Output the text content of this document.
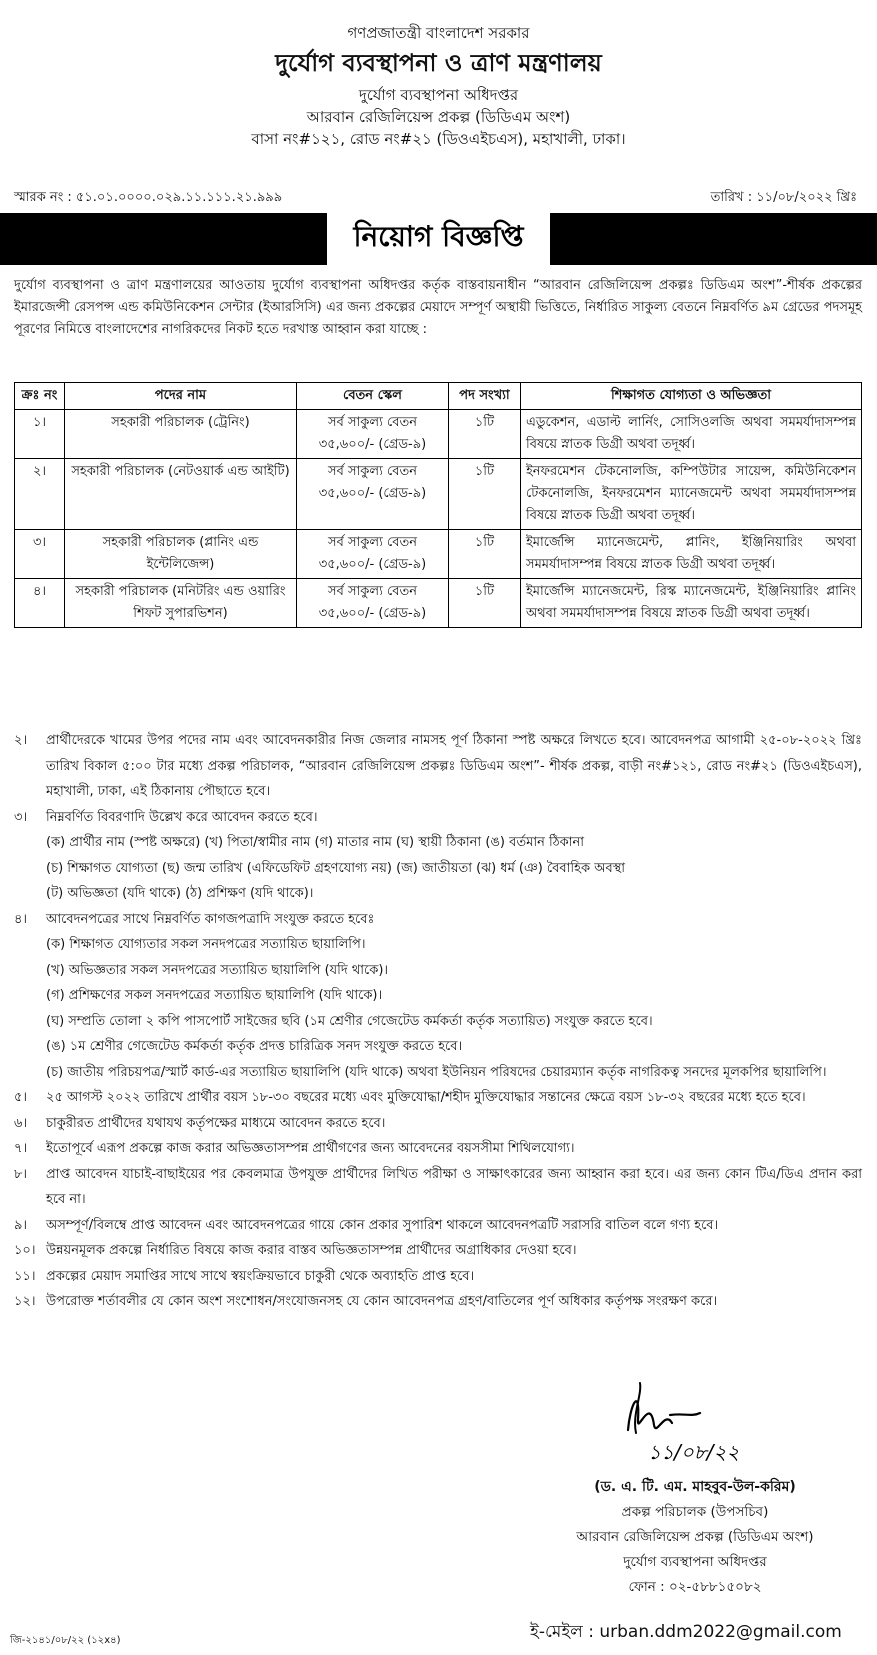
গণপ্রজাতন্ত্রী বাংলাদেশ সরকার
দুর্যোগ ব্যবস্থাপনা ও ত্রাণ মন্ত্রণালয়
দুর্যোগ ব্যবস্থাপনা অধিদপ্তর
আরবান রেজিলিয়েন্স প্রকল্প (ডিডিএম অংশ)
বাসা নং#১২১, রোড নং#২১ (ডিওএইচএস), মহাখালী, ঢাকা।
স্মারক নং : ৫১.০১.০০০০.০২৯.১১.১১১.২১.৯৯৯	তারিখ : ১১/০৮/২০২২ খ্রিঃ
নিয়োগ বিজ্ঞপ্তি
দুর্যোগ ব্যবস্থাপনা ও ত্রাণ মন্ত্রণালয়ের আওতায় দুর্যোগ ব্যবস্থাপনা অধিদপ্তর কর্তৃক বাস্তবায়নাধীন “আরবান রেজিলিয়েন্স প্রকল্পঃ ডিডিএম অংশ”-শীর্ষক প্রকল্পের ইমারজেন্সী রেসপন্স এন্ড কমিউনিকেশন সেন্টার (ইআরসিসি) এর জন্য প্রকল্পের মেয়াদে সম্পূর্ণ অস্থায়ী ভিত্তিতে, নির্ধারিত সাকুল্য বেতনে নিম্নবর্ণিত ৯ম গ্রেডের পদসমূহ পূরণের নিমিত্তে বাংলাদেশের নাগরিকদের নিকট হতে দরখাস্ত আহ্বান করা যাচ্ছে :
ক্রঃ নং	পদের নাম	বেতন স্কেল	পদ সংখ্যা	শিক্ষাগত যোগ্যতা ও অভিজ্ঞতা
১।	সহকারী পরিচালক (ট্রেনিং)	সর্ব সাকুল্য বেতন ৩৫,৬০০/- (গ্রেড-৯)	১টি	এডুকেশন, এডাল্ট লার্নিং, সোসিওলজি অথবা সমমর্যাদাসম্পন্ন বিষয়ে স্নাতক ডিগ্রী অথবা তদূর্ধ্ব।
২।	সহকারী পরিচালক (নেটওয়ার্ক এন্ড আইটি)	সর্ব সাকুল্য বেতন ৩৫,৬০০/- (গ্রেড-৯)	১টি	ইনফরমেশন টেকনোলজি, কম্পিউটার সায়েন্স, কমিউনিকেশন টেকনোলজি, ইনফরমেশন ম্যানেজমেন্ট অথবা সমমর্যাদাসম্পন্ন বিষয়ে স্নাতক ডিগ্রী অথবা তদূর্ধ্ব।
৩।	সহকারী পরিচালক (প্লানিং এন্ড ইন্টেলিজেন্স)	সর্ব সাকুল্য বেতন ৩৫,৬০০/- (গ্রেড-৯)	১টি	ইমার্জেন্সি ম্যানেজমেন্ট, প্লানিং, ইঞ্জিনিয়ারিং অথবা সমমর্যাদাসম্পন্ন বিষয়ে স্নাতক ডিগ্রী অথবা তদূর্ধ্ব।
৪।	সহকারী পরিচালক (মনিটরিং এন্ড ওয়ারিং শিফট সুপারভিশন)	সর্ব সাকুল্য বেতন ৩৫,৬০০/- (গ্রেড-৯)	১টি	ইমার্জেন্সি ম্যানেজমেন্ট, রিস্ক ম্যানেজমেন্ট, ইঞ্জিনিয়ারিং প্লানিং অথবা সমমর্যাদাসম্পন্ন বিষয়ে স্নাতক ডিগ্রী অথবা তদূর্ধ্ব।
২।	প্রার্থীদেরকে খামের উপর পদের নাম এবং আবেদনকারীর নিজ জেলার নামসহ পূর্ণ ঠিকানা স্পষ্ট অক্ষরে লিখতে হবে। আবেদনপত্র আগামী ২৫-০৮-২০২২ খ্রিঃ তারিখ বিকাল ৫:০০ টার মধ্যে প্রকল্প পরিচালক, “আরবান রেজিলিয়েন্স প্রকল্পঃ ডিডিএম অংশ”- শীর্ষক প্রকল্প, বাড়ী নং#১২১, রোড নং#২১ (ডিওএইচএস), মহাখালী, ঢাকা, এই ঠিকানায় পৌছাতে হবে।
৩।	নিম্নবর্ণিত বিবরণাদি উল্লেখ করে আবেদন করতে হবে।
(ক) প্রার্থীর নাম (স্পষ্ট অক্ষরে) (খ) পিতা/স্বামীর নাম (গ) মাতার নাম (ঘ) স্থায়ী ঠিকানা (ঙ) বর্তমান ঠিকানা
(চ) শিক্ষাগত যোগ্যতা (ছ) জন্ম তারিখ (এফিডেফিট গ্রহণযোগ্য নয়) (জ) জাতীয়তা (ঝ) ধর্ম (ঞ) বৈবাহিক অবস্থা
(ট) অভিজ্ঞতা (যদি থাকে) (ঠ) প্রশিক্ষণ (যদি থাকে)।
৪।	আবেদনপত্রের সাথে নিম্নবর্ণিত কাগজপত্রাদি সংযুক্ত করতে হবেঃ
(ক) শিক্ষাগত যোগ্যতার সকল সনদপত্রের সত্যায়িত ছায়ালিপি।
(খ) অভিজ্ঞতার সকল সনদপত্রের সত্যায়িত ছায়ালিপি (যদি থাকে)।
(গ) প্রশিক্ষণের সকল সনদপত্রের সত্যায়িত ছায়ালিপি (যদি থাকে)।
(ঘ) সম্প্রতি তোলা ২ কপি পাসপোর্ট সাইজের ছবি (১ম শ্রেণীর গেজেটেড কর্মকর্তা কর্তৃক সত্যায়িত) সংযুক্ত করতে হবে।
(ঙ) ১ম শ্রেণীর গেজেটেড কর্মকর্তা কর্তৃক প্রদত্ত চারিত্রিক সনদ সংযুক্ত করতে হবে।
(চ) জাতীয় পরিচয়পত্র/স্মার্ট কার্ড-এর সত্যায়িত ছায়ালিপি (যদি থাকে) অথবা ইউনিয়ন পরিষদের চেয়ারম্যান কর্তৃক নাগরিকত্ব সনদের মূলকপির ছায়ালিপি।
৫।	২৫ আগস্ট ২০২২ তারিখে প্রার্থীর বয়স ১৮-৩০ বছরের মধ্যে এবং মুক্তিযোদ্ধা/শহীদ মুক্তিযোদ্ধার সন্তানের ক্ষেত্রে বয়স ১৮-৩২ বছরের মধ্যে হতে হবে।
৬।	চাকুরীরত প্রার্থীদের যথাযথ কর্তৃপক্ষের মাধ্যমে আবেদন করতে হবে।
৭।	ইতোপূর্বে এরূপ প্রকল্পে কাজ করার অভিজ্ঞতাসম্পন্ন প্রার্থীগণের জন্য আবেদনের বয়সসীমা শিথিলযোগ্য।
৮।	প্রাপ্ত আবেদন যাচাই-বাছাইয়ের পর কেবলমাত্র উপযুক্ত প্রার্থীদের লিখিত পরীক্ষা ও সাক্ষাৎকারের জন্য আহ্বান করা হবে। এর জন্য কোন টিএ/ডিএ প্রদান করা হবে না।
৯।	অসম্পূর্ণ/বিলম্বে প্রাপ্ত আবেদন এবং আবেদনপত্রের গায়ে কোন প্রকার সুপারিশ থাকলে আবেদনপত্রটি সরাসরি বাতিল বলে গণ্য হবে।
১০। উন্নয়নমূলক প্রকল্পে নির্ধারিত বিষয়ে কাজ করার বাস্তব অভিজ্ঞতাসম্পন্ন প্রার্থীদের অগ্রাধিকার দেওয়া হবে।
১১। প্রকল্পের মেয়াদ সমাপ্তির সাথে সাথে স্বয়ংক্রিয়ভাবে চাকুরী থেকে অব্যাহতি প্রাপ্ত হবে।
১২। উপরোক্ত শর্তাবলীর যে কোন অংশ সংশোধন/সংযোজনসহ যে কোন আবেদনপত্র গ্রহণ/বাতিলের পূর্ণ অধিকার কর্তৃপক্ষ সংরক্ষণ করে।
১১/০৮/২২
(ড. এ. টি. এম. মাহবুব-উল-করিম)
প্রকল্প পরিচালক (উপসচিব)
আরবান রেজিলিয়েন্স প্রকল্প (ডিডিএম অংশ)
দুর্যোগ ব্যবস্থাপনা অধিদপ্তর
ফোন : ০২-৫৮৮১৫০৮২
ই-মেইল : urban.ddm2022@gmail.com
জি-২১৪১/০৮/২২ (১২x৪)
